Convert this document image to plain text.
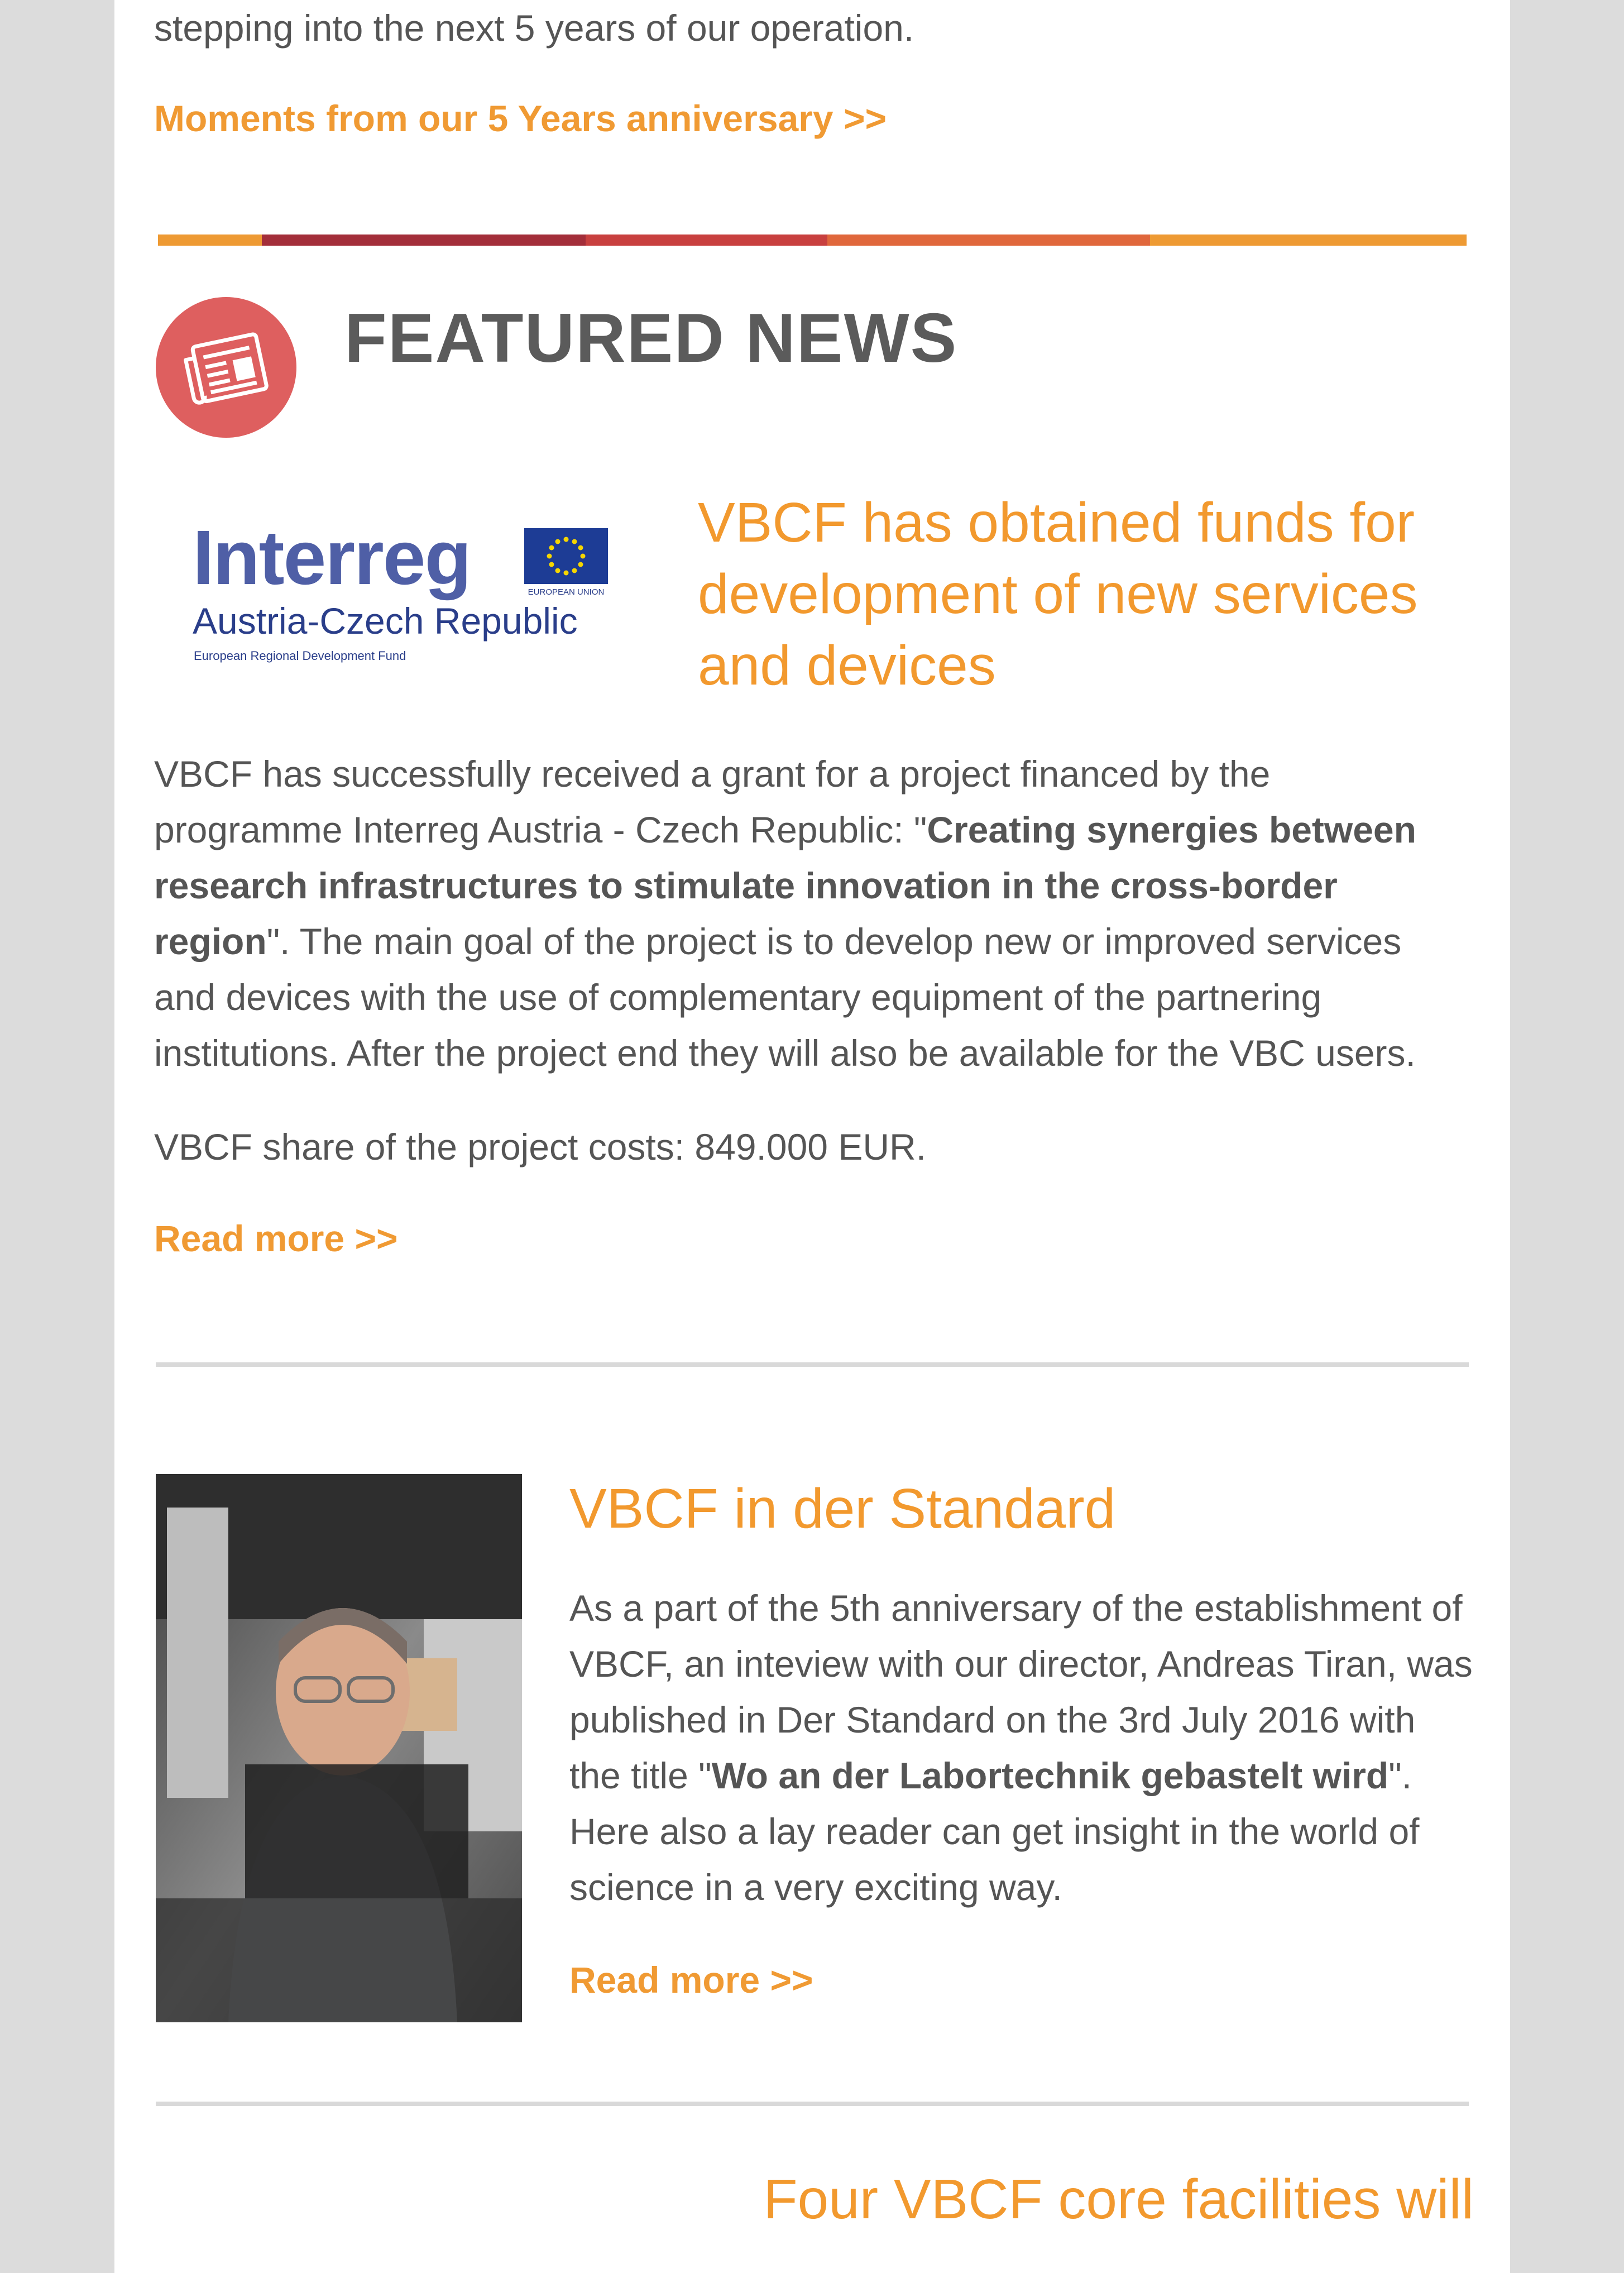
stepping into the next 5 years of our operation.

Moments from our 5 Years anniversary >>
FEATURED NEWS
Interreg	EUROPEAN UNION
Austria-Czech Republic
European Regional Development Fund
VBCF has obtained funds for development of new services and devices

VBCF has successfully received a grant for a project financed by the programme Interreg Austria - Czech Republic: "Creating synergies between research infrastructures to stimulate innovation in the cross-border region". The main goal of the project is to develop new or improved services and devices with the use of complementary equipment of the partnering institutions. After the project end they will also be available for the VBC users.

VBCF share of the project costs: 849.000 EUR.

Read more >>
VBCF in der Standard

As a part of the 5th anniversary of the establishment of VBCF, an inteview with our director, Andreas Tiran, was published in Der Standard on the 3rd July 2016 with the title "Wo an der Labortechnik gebastelt wird". Here also a lay reader can get insight in the world of science in a very exciting way.

Read more >>
Four VBCF core facilities will
